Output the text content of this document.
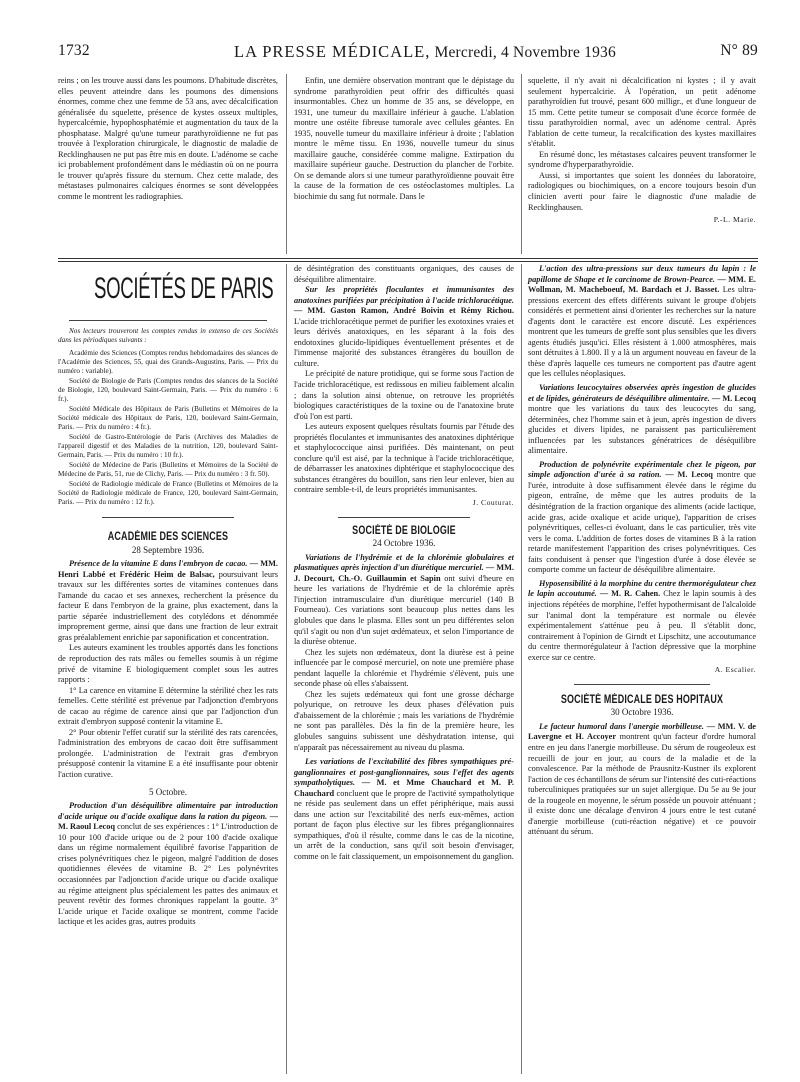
1732	LA PRESSE MÉDICALE, Mercredi, 4 Novembre 1936	N° 89

reins ; on les trouve aussi dans les poumons. D'habitude discrètes, elles peuvent atteindre dans les poumons des dimensions énormes, comme chez une femme de 53 ans, avec décalcification généralisée du squelette, présence de kystes osseux multiples, hypercalcémie, hypophosphatémie et augmentation du taux de la phosphatase. Malgré qu'une tumeur parathyroïdienne ne fut pas trouvée à l'exploration chirurgicale, le diagnostic de maladie de Recklinghausen ne put pas être mis en doute. L'adénome se cache ici probablement profondément dans le médiastin où on ne pourra le trouver qu'après fissure du sternum. Chez cette malade, des métastases pulmonaires calciques énormes se sont développées comme le montrent les radiographies.

Enfin, une dernière observation montrant que le dépistage du syndrome parathyroïdien peut offrir des difficultés quasi insurmontables. Chez un homme de 35 ans, se développe, en 1931, une tumeur du maxillaire inférieur à gauche. L'ablation montre une ostéite fibreuse tumorale avec cellules géantes. En 1935, nouvelle tumeur du maxillaire inférieur à droite ; l'ablation montre le même tissu. En 1936, nouvelle tumeur du sinus maxillaire gauche, considérée comme maligne. Extirpation du maxillaire supérieur gauche. Destruction du plancher de l'orbite. On se demande alors si une tumeur parathyroïdienne pouvait être la cause de la formation de ces ostéoclastomes multiples. La biochimie du sang fut normale. Dans le

squelette, il n'y avait ni décalcification ni kystes ; il y avait seulement hypercalcirie. À l'opération, un petit adénome parathyroïdien fut trouvé, pesant 600 milligr., et d'une longueur de 15 mm. Cette petite tumeur se composait d'une écorce formée de tissu parathyroïdien normal, avec un adénome central. Après l'ablation de cette tumeur, la recalcification des kystes maxillaires s'établit.

En résumé donc, les métastases calcaires peuvent transformer le syndrome d'hyperparathyroïdie.

Aussi, si importantes que soient les données du laboratoire, radiologiques ou biochimiques, on a encore toujours besoin d'un clinicien averti pour faire le diagnostic d'une maladie de Recklinghausen.

P.-L. Marie.
SOCIÉTÉS DE PARIS

Nos lecteurs trouveront les comptes rendus in extenso de ces Sociétés dans les périodiques suivants :

Académie des Sciences (Comptes rendus hebdomadaires des séances de l'Académie des Sciences, 55, quai des Grands-Augustins, Paris. — Prix du numéro : variable).

Société de Biologie de Paris (Comptes rendus des séances de la Société de Biologie, 120, boulevard Saint-Germain, Paris. — Prix du numéro : 6 fr.).

Société Médicale des Hôpitaux de Paris (Bulletins et Mémoires de la Société médicale des Hôpitaux de Paris, 120, boulevard Saint-Germain, Paris. — Prix du numéro : 4 fr.).

Société de Gastro-Entérologie de Paris (Archives des Maladies de l'appareil digestif et des Maladies de la nutrition, 120, boulevard Saint-Germain, Paris. — Prix du numéro : 10 fr.).

Société de Médecine de Paris (Bulletins et Mémoires de la Société de Médecine de Paris, 51, rue de Clichy, Paris. — Prix du numéro : 3 fr. 50).

Société de Radiologie médicale de France (Bulletins et Mémoires de la Société de Radiologie médicale de France, 120, boulevard Saint-Germain, Paris. — Prix du numéro : 12 fr.).

ACADÉMIE DES SCIENCES
28 Septembre 1936.

Présence de la vitamine E dans l'embryon de cacao. — MM. Henri Labbé et Frédéric Heim de Balsac, poursuivant leurs travaux sur les différentes sortes de vitamines contenues dans l'amande du cacao et ses annexes, recherchent la présence du facteur E dans l'embryon de la graine, plus exactement, dans la partie séparée industriellement des cotylédons et dénommée improprement germe, ainsi que dans une fraction de leur extrait gras préalablement enrichie par saponification et concentration.

Les auteurs examinent les troubles apportés dans les fonctions de reproduction des rats mâles ou femelles soumis à un régime privé de vitamine E biologiquement complet sous les autres rapports :

1° La carence en vitamine E détermine la stérilité chez les rats femelles. Cette stérilité est prévenue par l'adjonction d'embryons de cacao au régime de carence ainsi que par l'adjonction d'un extrait d'embryon supposé contenir la vitamine E.

2° Pour obtenir l'effet curatif sur la stérilité des rats carencées, l'administration des embryons de cacao doit être suffisamment prolongée. L'administration de l'extrait gras d'embryon présupposé contenir la vitamine E a été insuffisante pour obtenir l'action curative.

5 Octobre.

Production d'un déséquilibre alimentaire par introduction d'acide urique ou d'acide oxalique dans la ration du pigeon. — M. Raoul Lecoq conclut de ses expériences : 1° L'introduction de 10 pour 100 d'acide urique ou de 2 pour 100 d'acide oxalique dans un régime normalement équilibré favorise l'apparition de crises polynévritiques chez le pigeon, malgré l'addition de doses quotidiennes élevées de vitamine B. 2° Les polynévrites occasionnées par l'adjonction d'acide urique ou d'acide oxalique au régime atteignent plus spécialement les pattes des animaux et peuvent revêtir des formes chroniques rappelant la goutte. 3° L'acide urique et l'acide oxalique se montrent, comme l'acide lactique et les acides gras, autres produits

de désintégration des constituants organiques, des causes de déséquilibre alimentaire.

Sur les propriétés floculantes et immunisantes des anatoxines purifiées par précipitation à l'acide trichloracétique. — MM. Gaston Ramon, André Boivin et Rémy Richou. L'acide trichloracétique permet de purifier les exotoxines vraies et leurs dérivés anatoxiques, en les séparant à la fois des endotoxines glucido-lipidiques éventuellement présentes et de l'immense majorité des substances étrangères du bouillon de culture.

Le précipité de nature protidique, qui se forme sous l'action de l'acide trichloracétique, est redissous en milieu faiblement alcalin ; dans la solution ainsi obtenue, on retrouve les propriétés biologiques caractéristiques de la toxine ou de l'anatoxine brute d'où l'on est parti.

Les auteurs exposent quelques résultats fournis par l'étude des propriétés floculantes et immunisantes des anatoxines diphtérique et staphylococcique ainsi purifiées. Dès maintenant, on peut conclure qu'il est aisé, par la technique à l'acide trichloracétique, de débarrasser les anatoxines diphtérique et staphylococcique des substances étrangères du bouillon, sans rien leur enlever, bien au contraire semble-t-il, de leurs propriétés immunisantes.

J. Couturat.
SOCIÉTÉ DE BIOLOGIE
24 Octobre 1936.

Variations de l'hydrémie et de la chlorémie globulaires et plasmatiques après injection d'un diurétique mercuriel. — MM. J. Decourt, Ch.-O. Guillaumin et Sapin ont suivi d'heure en heure les variations de l'hydrémie et de la chlorémie après l'injection intramusculaire d'un diurétique mercuriel (140 B Fourneau). Ces variations sont beaucoup plus nettes dans les globules que dans le plasma. Elles sont un peu différentes selon qu'il s'agit ou non d'un sujet œdémateux, et selon l'importance de la diurèse obtenue.

Chez les sujets non œdémateux, dont la diurèse est à peine influencée par le composé mercuriel, on note une première phase pendant laquelle la chlorémie et l'hydrémie s'élèvent, puis une seconde phase où elles s'abaissent.

Chez les sujets œdémateux qui font une grosse décharge polyurique, on retrouve les deux phases d'élévation puis d'abaissement de la chlorémie ; mais les variations de l'hydrémie ne sont pas parallèles. Dès la fin de la première heure, les globules sanguins subissent une déshydratation intense, qui n'apparaît pas nécessairement au niveau du plasma.

Les variations de l'excitabilité des fibres sympathiques pré-ganglionnaires et post-ganglionnaires, sous l'effet des agents sympatholytiques. — M. et Mme Chauchard et M. P. Chauchard concluent que le propre de l'activité sympatholytique ne réside pas seulement dans un effet périphérique, mais aussi dans une action sur l'excitabilité des nerfs eux-mêmes, action portant de façon plus élective sur les fibres préganglionnaires sympathiques, d'où il résulte, comme dans le cas de la nicotine, un arrêt de la conduction, sans qu'il soit besoin d'envisager, comme on le fait classiquement, un empoisonnement du ganglion.

L'action des ultra-pressions sur deux tumeurs du lapin : le papillome de Shape et le carcinome de Brown-Pearce. — MM. E. Wollman, M. Macheboeuf, M. Bardach et J. Basset. Les ultra-pressions exercent des effets différents suivant le groupe d'objets considérés et permettent ainsi d'orienter les recherches sur la nature d'agents dont le caractère est encore discuté. Les expériences montrent que les tumeurs de greffe sont plus sensibles que les divers agents étudiés jusqu'ici. Elles résistent à 1.000 atmosphères, mais sont détruites à 1.800. Il y a là un argument nouveau en faveur de la thèse d'après laquelle ces tumeurs ne comportent pas d'autre agent que les cellules néoplasiques.

Variations leucocytaires observées après ingestion de glucides et de lipides, générateurs de déséquilibre alimentaire. — M. Lecoq montre que les variations du taux des leucocytes du sang, déterminées, chez l'homme sain et à jeun, après ingestion de divers glucides et divers lipides, ne paraissent pas particulièrement influencées par les substances génératrices de déséquilibre alimentaire.

Production de polynévrite expérimentale chez le pigeon, par simple adjonction d'urée à sa ration. — M. Lecoq montre que l'urée, introduite à dose suffisamment élevée dans le régime du pigeon, entraîne, de même que les autres produits de la désintégration de la fraction organique des aliments (acide lactique, acide gras, acide oxalique et acide urique), l'apparition de crises polynévritiques, celles-ci évoluant, dans le cas particulier, très vite vers le coma. L'addition de fortes doses de vitamines B à la ration retarde manifestement l'apparition des crises polynévritiques. Ces faits conduisent à penser que l'ingestion d'urée à dose élevée se comporte comme un facteur de déséquilibre alimentaire.

Hyposensibilité à la morphine du centre thermorégulateur chez le lapin accoutumé. — M. R. Cahen. Chez le lapin soumis à des injections répétées de morphine, l'effet hypothermisant de l'alcaloïde sur l'animal dont la température est normale ou élevée expérimentalement s'atténue peu à peu. Il s'établit donc, contrairement à l'opinion de Girndt et Lipschitz, une accoutumance du centre thermorégulateur à l'action dépressive que la morphine exerce sur ce centre.

A. Escalier.
SOCIÉTÉ MÉDICALE DES HOPITAUX
30 Octobre 1936.

Le facteur humoral dans l'anergie morbilleuse. — MM. V. de Lavergne et H. Accoyer montrent qu'un facteur d'ordre humoral entre en jeu dans l'anergie morbilleuse. Du sérum de rougeoleux est recueilli de jour en jour, au cours de la maladie et de la convalescence. Par la méthode de Prausnitz-Kustner ils explorent l'action de ces échantillons de sérum sur l'intensité des cuti-réactions tuberculiniques pratiquées sur un sujet allergique. Du 5e au 9e jour de la rougeole en moyenne, le sérum possède un pouvoir atténuant ; il existe donc une décalage d'environ 4 jours entre le test cutané d'anergie morbilleuse (cuti-réaction négative) et ce pouvoir atténuant du sérum.
